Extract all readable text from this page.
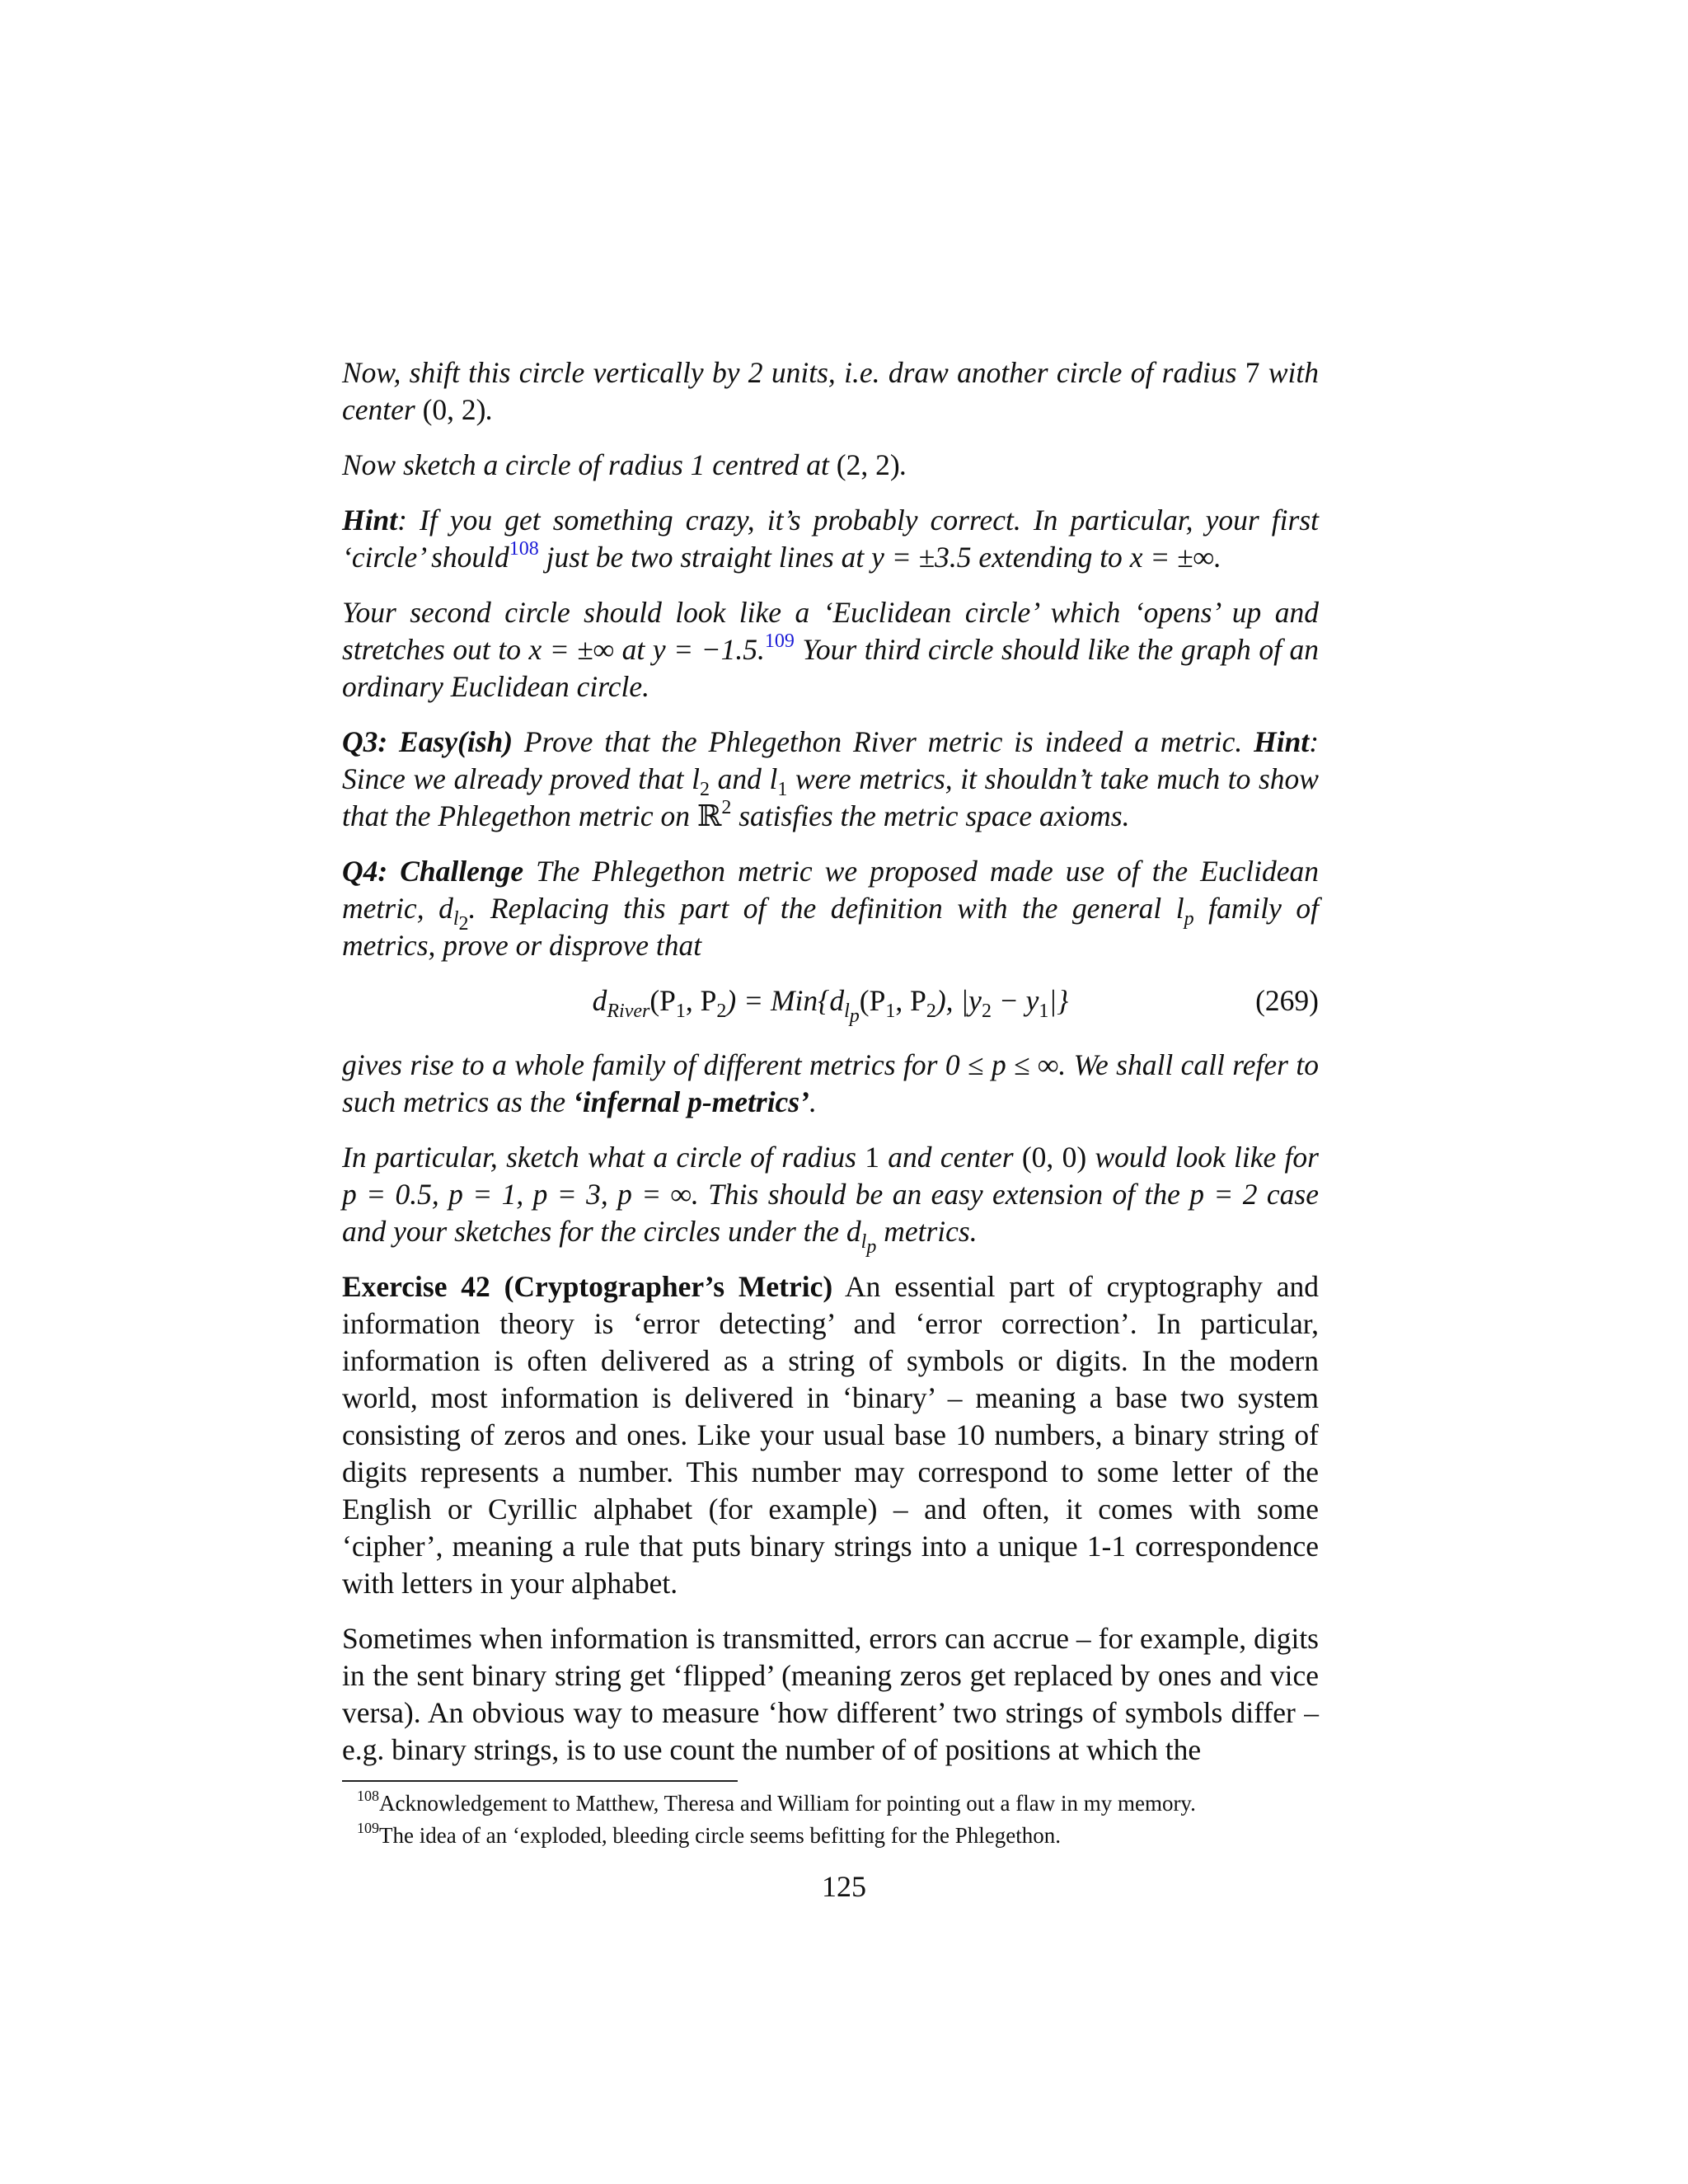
Now, shift this circle vertically by 2 units, i.e. draw another circle of radius 7 with center (0, 2).

Now sketch a circle of radius 1 centred at (2, 2).

Hint: If you get something crazy, it’s probably correct. In particular, your first ‘circle’ should$^{108}$ just be two straight lines at y = ±3.5 extending to x = ±∞.

Your second circle should look like a ‘Euclidean circle’ which ‘opens’ up and stretches out to x = ±∞ at y = −1.5.$^{109}$ Your third circle should like the graph of an ordinary Euclidean circle.

Q3: Easy(ish) Prove that the Phlegethon River metric is indeed a metric. Hint: Since we already proved that $l_2$ and $l_1$ were metrics, it shouldn’t take much to show that the Phlegethon metric on ℝ$^2$ satisfies the metric space axioms.

Q4: Challenge The Phlegethon metric we proposed made use of the Euclidean metric, $d_{l_2}$. Replacing this part of the definition with the general $l_p$ family of metrics, prove or disprove that

$d_{River}(P_1$, $P_2) = Min\{d_{l_p}(P_1$, $P_2$), $|y_2 - y_1|$}	(269)

gives rise to a whole family of different metrics for 0 ≤ p ≤ ∞. We shall call refer to such metrics as the ‘infernal p-metrics’.

In particular, sketch what a circle of radius 1 and center (0, 0) would look like for p = 0.5, p = 1, p = 3, p = ∞. This should be an easy extension of the p = 2 case and your sketches for the circles under the $d_{l_p}$ metrics.

Exercise 42 (Cryptographer’s Metric) An essential part of cryptography and information theory is ‘error detecting’ and ‘error correction’. In particular, information is often delivered as a string of symbols or digits. In the modern world, most information is delivered in ‘binary’ – meaning a base two system consisting of zeros and ones. Like your usual base 10 numbers, a binary string of digits represents a number. This number may correspond to some letter of the English or Cyrillic alphabet (for example) – and often, it comes with some ‘cipher’, meaning a rule that puts binary strings into a unique 1-1 correspondence with letters in your alphabet.

Sometimes when information is transmitted, errors can accrue – for example, digits in the sent binary string get ‘flipped’ (meaning zeros get replaced by ones and vice versa). An obvious way to measure ‘how different’ two strings of symbols differ – e.g. binary strings, is to use count the number of of positions at which the

$^{108}$Acknowledgement to Matthew, Theresa and William for pointing out a flaw in my memory.
$^{109}$The idea of an ‘exploded, bleeding circle seems befitting for the Phlegethon.
125
